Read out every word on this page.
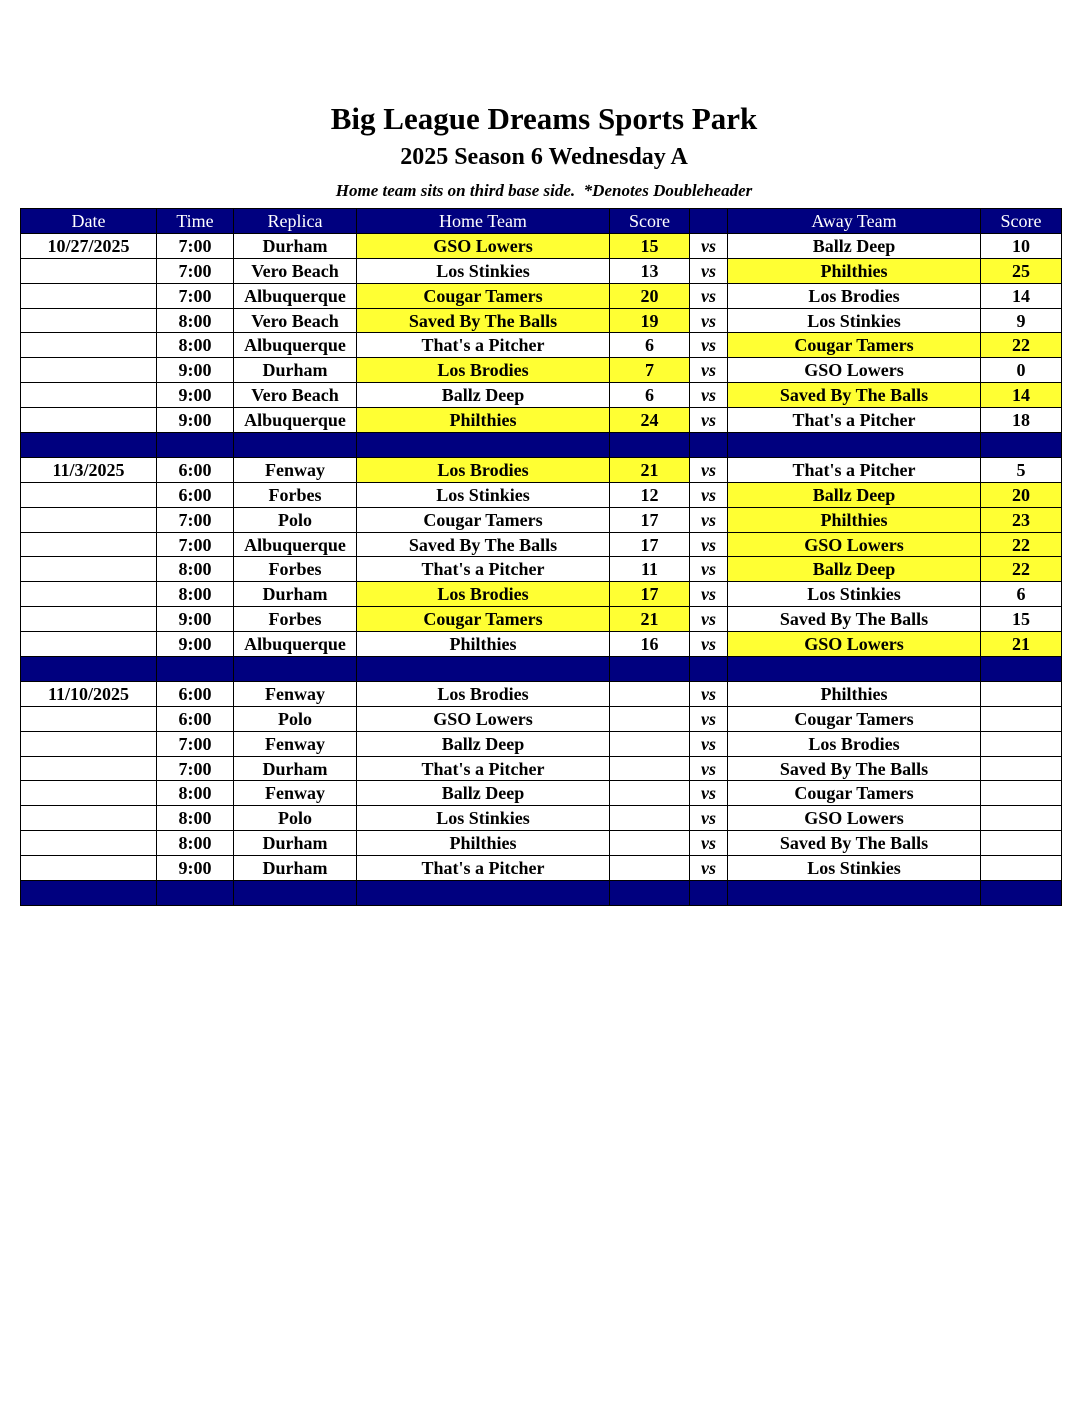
Big League Dreams Sports Park
2025 Season 6 Wednesday A
Home team sits on third base side.  *Denotes Doubleheader
Date	Time	Replica	Home Team	Score		Away Team	Score
10/27/2025	7:00	Durham	GSO Lowers	15	vs	Ballz Deep	10
	7:00	Vero Beach	Los Stinkies	13	vs	Philthies	25
	7:00	Albuquerque	Cougar Tamers	20	vs	Los Brodies	14
	8:00	Vero Beach	Saved By The Balls	19	vs	Los Stinkies	9
	8:00	Albuquerque	That's a Pitcher	6	vs	Cougar Tamers	22
	9:00	Durham	Los Brodies	7	vs	GSO Lowers	0
	9:00	Vero Beach	Ballz Deep	6	vs	Saved By The Balls	14
	9:00	Albuquerque	Philthies	24	vs	That's a Pitcher	18

11/3/2025	6:00	Fenway	Los Brodies	21	vs	That's a Pitcher	5
	6:00	Forbes	Los Stinkies	12	vs	Ballz Deep	20
	7:00	Polo	Cougar Tamers	17	vs	Philthies	23
	7:00	Albuquerque	Saved By The Balls	17	vs	GSO Lowers	22
	8:00	Forbes	That's a Pitcher	11	vs	Ballz Deep	22
	8:00	Durham	Los Brodies	17	vs	Los Stinkies	6
	9:00	Forbes	Cougar Tamers	21	vs	Saved By The Balls	15
	9:00	Albuquerque	Philthies	16	vs	GSO Lowers	21

11/10/2025	6:00	Fenway	Los Brodies		vs	Philthies	
	6:00	Polo	GSO Lowers		vs	Cougar Tamers	
	7:00	Fenway	Ballz Deep		vs	Los Brodies	
	7:00	Durham	That's a Pitcher		vs	Saved By The Balls	
	8:00	Fenway	Ballz Deep		vs	Cougar Tamers	
	8:00	Polo	Los Stinkies		vs	GSO Lowers	
	8:00	Durham	Philthies		vs	Saved By The Balls	
	9:00	Durham	That's a Pitcher		vs	Los Stinkies	
